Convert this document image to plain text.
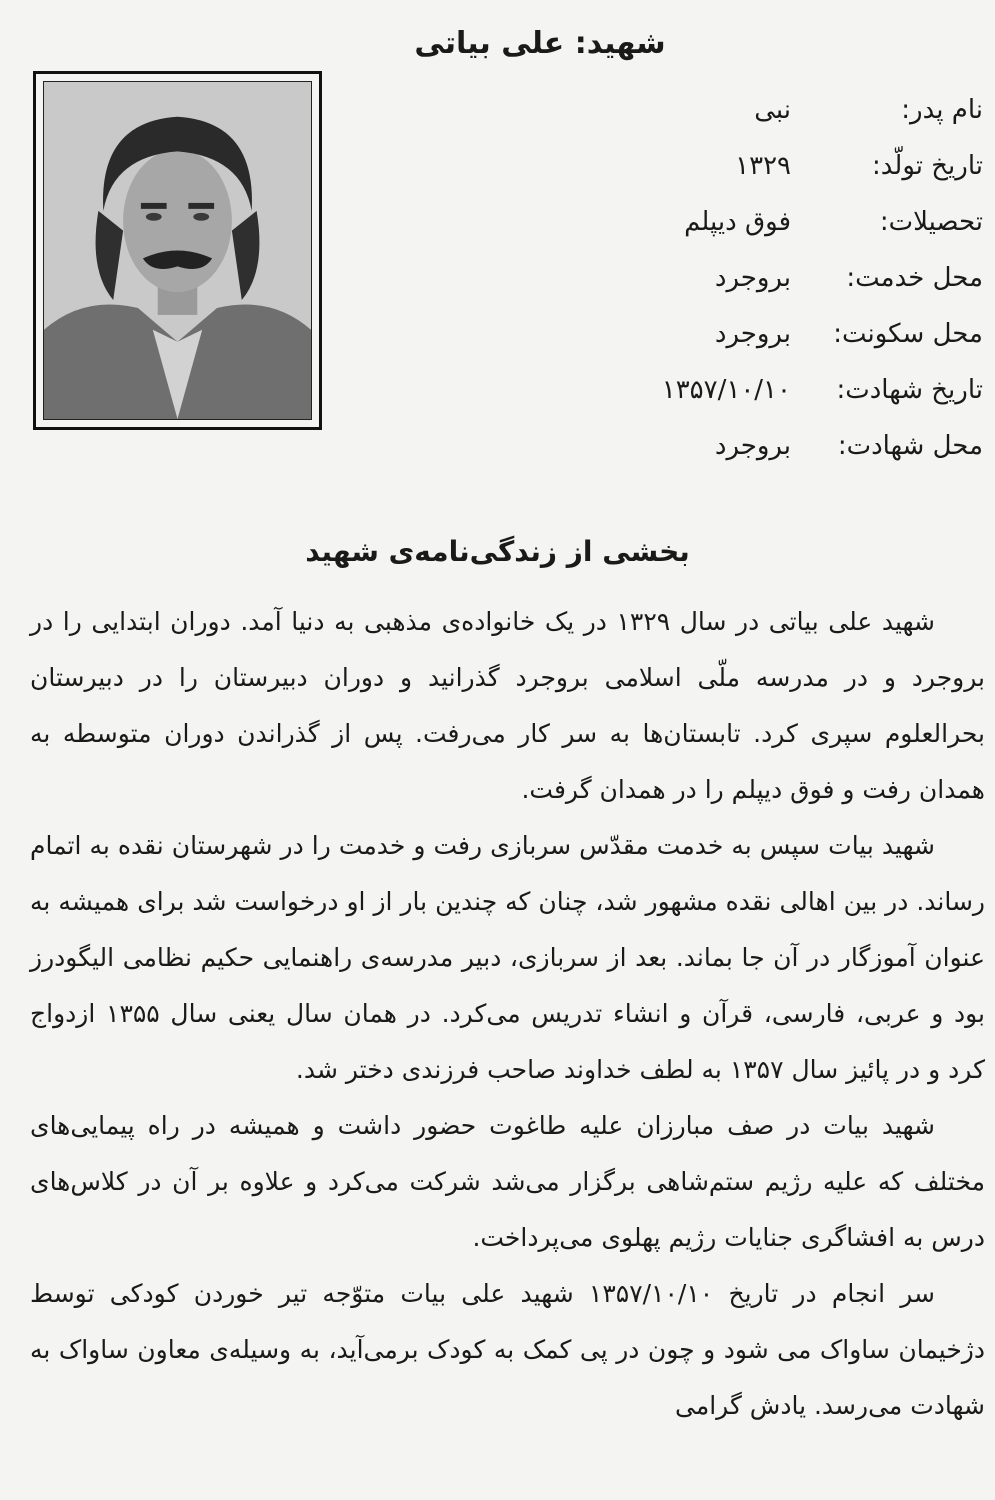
شهید: علی بیاتی
نام پدر:
نبی
تاریخ تولّد:
۱۳۲۹
تحصیلات:
فوق دیپلم
محل خدمت:
بروجرد
محل سکونت:
بروجرد
تاریخ شهادت:
۱۳۵۷/۱۰/۱۰
محل شهادت:
بروجرد
بخشی از زندگی‌نامه‌ی شهید

شهید علی بیاتی در سال ۱۳۲۹ در یک خانواده‌ی مذهبی به دنیا آمد. دوران ابتدایی را در بروجرد و در مدرسه ملّی اسلامی بروجرد گذرانید و دوران دبیرستان را در دبیرستان بحرالعلوم سپری کرد. تابستان‌ها به سر کار می‌رفت. پس از گذراندن دوران متوسطه به همدان رفت و فوق دیپلم را در همدان گرفت.

شهید بیات سپس به خدمت مقدّس سربازی رفت و خدمت را در شهرستان نقده به اتمام رساند. در بین اهالی نقده مشهور شد، چنان که چندین بار از او درخواست شد برای همیشه به عنوان آموزگار در آن جا بماند. بعد از سربازی، دبیر مدرسه‌ی راهنمایی حکیم نظامی الیگودرز بود و عربی، فارسی، قرآن و انشاء تدریس می‌کرد. در همان سال یعنی سال ۱۳۵۵ ازدواج کرد و در پائیز سال ۱۳۵۷ به لطف خداوند صاحب فرزندی دختر شد.

شهید بیات در صف مبارزان علیه طاغوت حضور داشت و همیشه در راه پیمایی‌های مختلف که علیه رژیم ستم‌شاهی برگزار می‌شد شرکت می‌کرد و علاوه بر آن در کلاس‌های درس به افشاگری جنایات رژیم پهلوی می‌پرداخت.

سر انجام در تاریخ ۱۳۵۷/۱۰/۱۰ شهید علی بیات متوّجه تیر خوردن کودکی توسط دژخیمان ساواک می شود و چون در پی کمک به کودک برمی‌آید، به وسیله‌ی معاون ساواک به شهادت می‌رسد. یادش گرامی
